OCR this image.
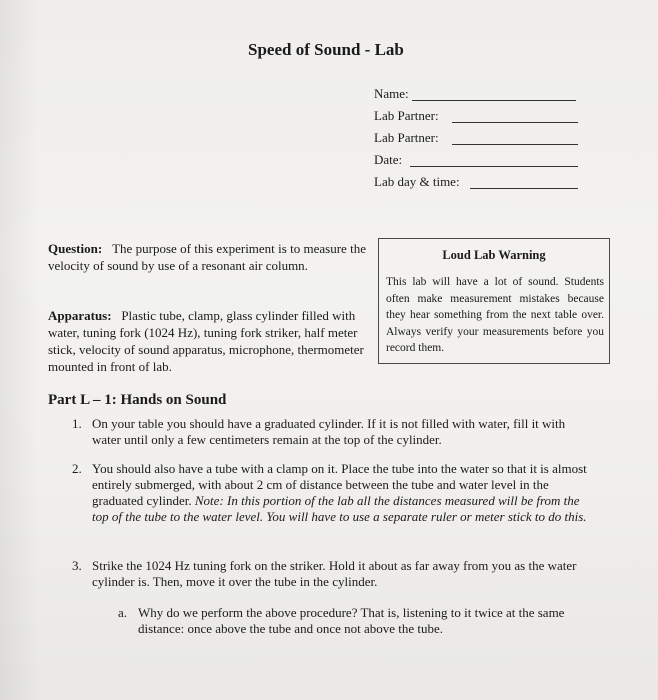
Speed of Sound - Lab
Name:
Lab Partner:
Lab Partner:
Date:
Lab day & time:
Question: The purpose of this experiment is to measure the velocity of sound by use of a resonant air column.
Apparatus: Plastic tube, clamp, glass cylinder filled with water, tuning fork (1024 Hz), tuning fork striker, half meter stick, velocity of sound apparatus, microphone, thermometer mounted in front of lab.
Loud Lab Warning
This lab will have a lot of sound. Students often make measurement mistakes because they hear something from the next table over. Always verify your measurements before you record them.
Part L – 1: Hands on Sound
1. On your table you should have a graduated cylinder. If it is not filled with water, fill it with water until only a few centimeters remain at the top of the cylinder.
2. You should also have a tube with a clamp on it. Place the tube into the water so that it is almost entirely submerged, with about 2 cm of distance between the tube and water level in the graduated cylinder. Note: In this portion of the lab all the distances measured will be from the top of the tube to the water level. You will have to use a separate ruler or meter stick to do this.
3. Strike the 1024 Hz tuning fork on the striker. Hold it about as far away from you as the water cylinder is. Then, move it over the tube in the cylinder.
a. Why do we perform the above procedure? That is, listening to it twice at the same distance: once above the tube and once not above the tube.
